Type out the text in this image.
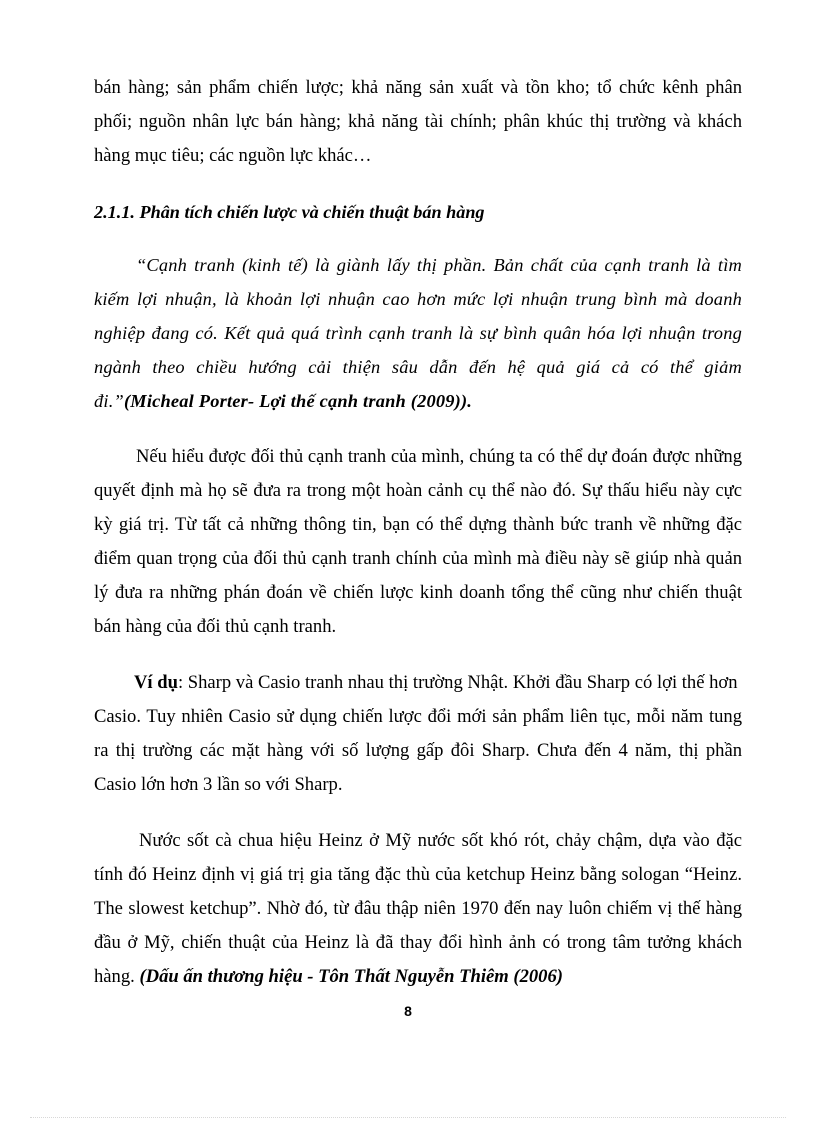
bán hàng; sản phẩm chiến lược; khả năng sản xuất và tồn kho; tổ chức kênh phân
phối; nguồn nhân lực bán hàng; khả năng tài chính; phân khúc thị trường và khách
hàng mục tiêu; các nguồn lực khác…
2.1.1. Phân tích chiến lược và chiến thuật bán hàng
“Cạnh tranh (kinh tế) là giành lấy thị phần. Bản chất của cạnh tranh là tìm
kiếm lợi nhuận, là khoản lợi nhuận cao hơn mức lợi nhuận trung bình mà doanh
nghiệp đang có. Kết quả quá trình cạnh tranh là sự bình quân hóa lợi nhuận trong
ngành theo chiều hướng cải thiện sâu dẫn đến hệ quả giá cả có thể giảm
đi.”(Micheal Porter- Lợi thế cạnh tranh (2009)).
Nếu hiểu được đối thủ cạnh tranh của mình, chúng ta có thể dự đoán được những
quyết định mà họ sẽ đưa ra trong một hoàn cảnh cụ thể nào đó. Sự thấu hiểu này cực
kỳ giá trị. Từ tất cả những thông tin, bạn có thể dựng thành bức tranh về những đặc
điểm quan trọng của đối thủ cạnh tranh chính của mình mà điều này sẽ giúp nhà quản
lý đưa ra những phán đoán về chiến lược kinh doanh tổng thể cũng như chiến thuật
bán hàng của đối thủ cạnh tranh.
Ví dụ: Sharp và Casio tranh nhau thị trường Nhật. Khởi đầu Sharp có lợi thế hơn
Casio. Tuy nhiên Casio sử dụng chiến lược đổi mới sản phẩm liên tục, mỗi năm tung
ra thị trường các mặt hàng với số lượng gấp đôi Sharp. Chưa đến 4 năm, thị phần
Casio lớn hơn 3 lần so với Sharp.
Nước sốt cà chua hiệu Heinz ở Mỹ nước sốt khó rót, chảy chậm, dựa vào đặc
tính đó Heinz định vị giá trị gia tăng đặc thù của ketchup Heinz bằng sologan “Heinz.
The slowest ketchup”. Nhờ đó, từ đâu thập niên 1970 đến nay luôn chiếm vị thế hàng
đầu ở Mỹ, chiến thuật của Heinz là đã thay đổi hình ảnh có trong tâm tưởng khách
hàng. (Dấu ấn thương hiệu - Tôn Thất Nguyễn Thiêm (2006)
8
